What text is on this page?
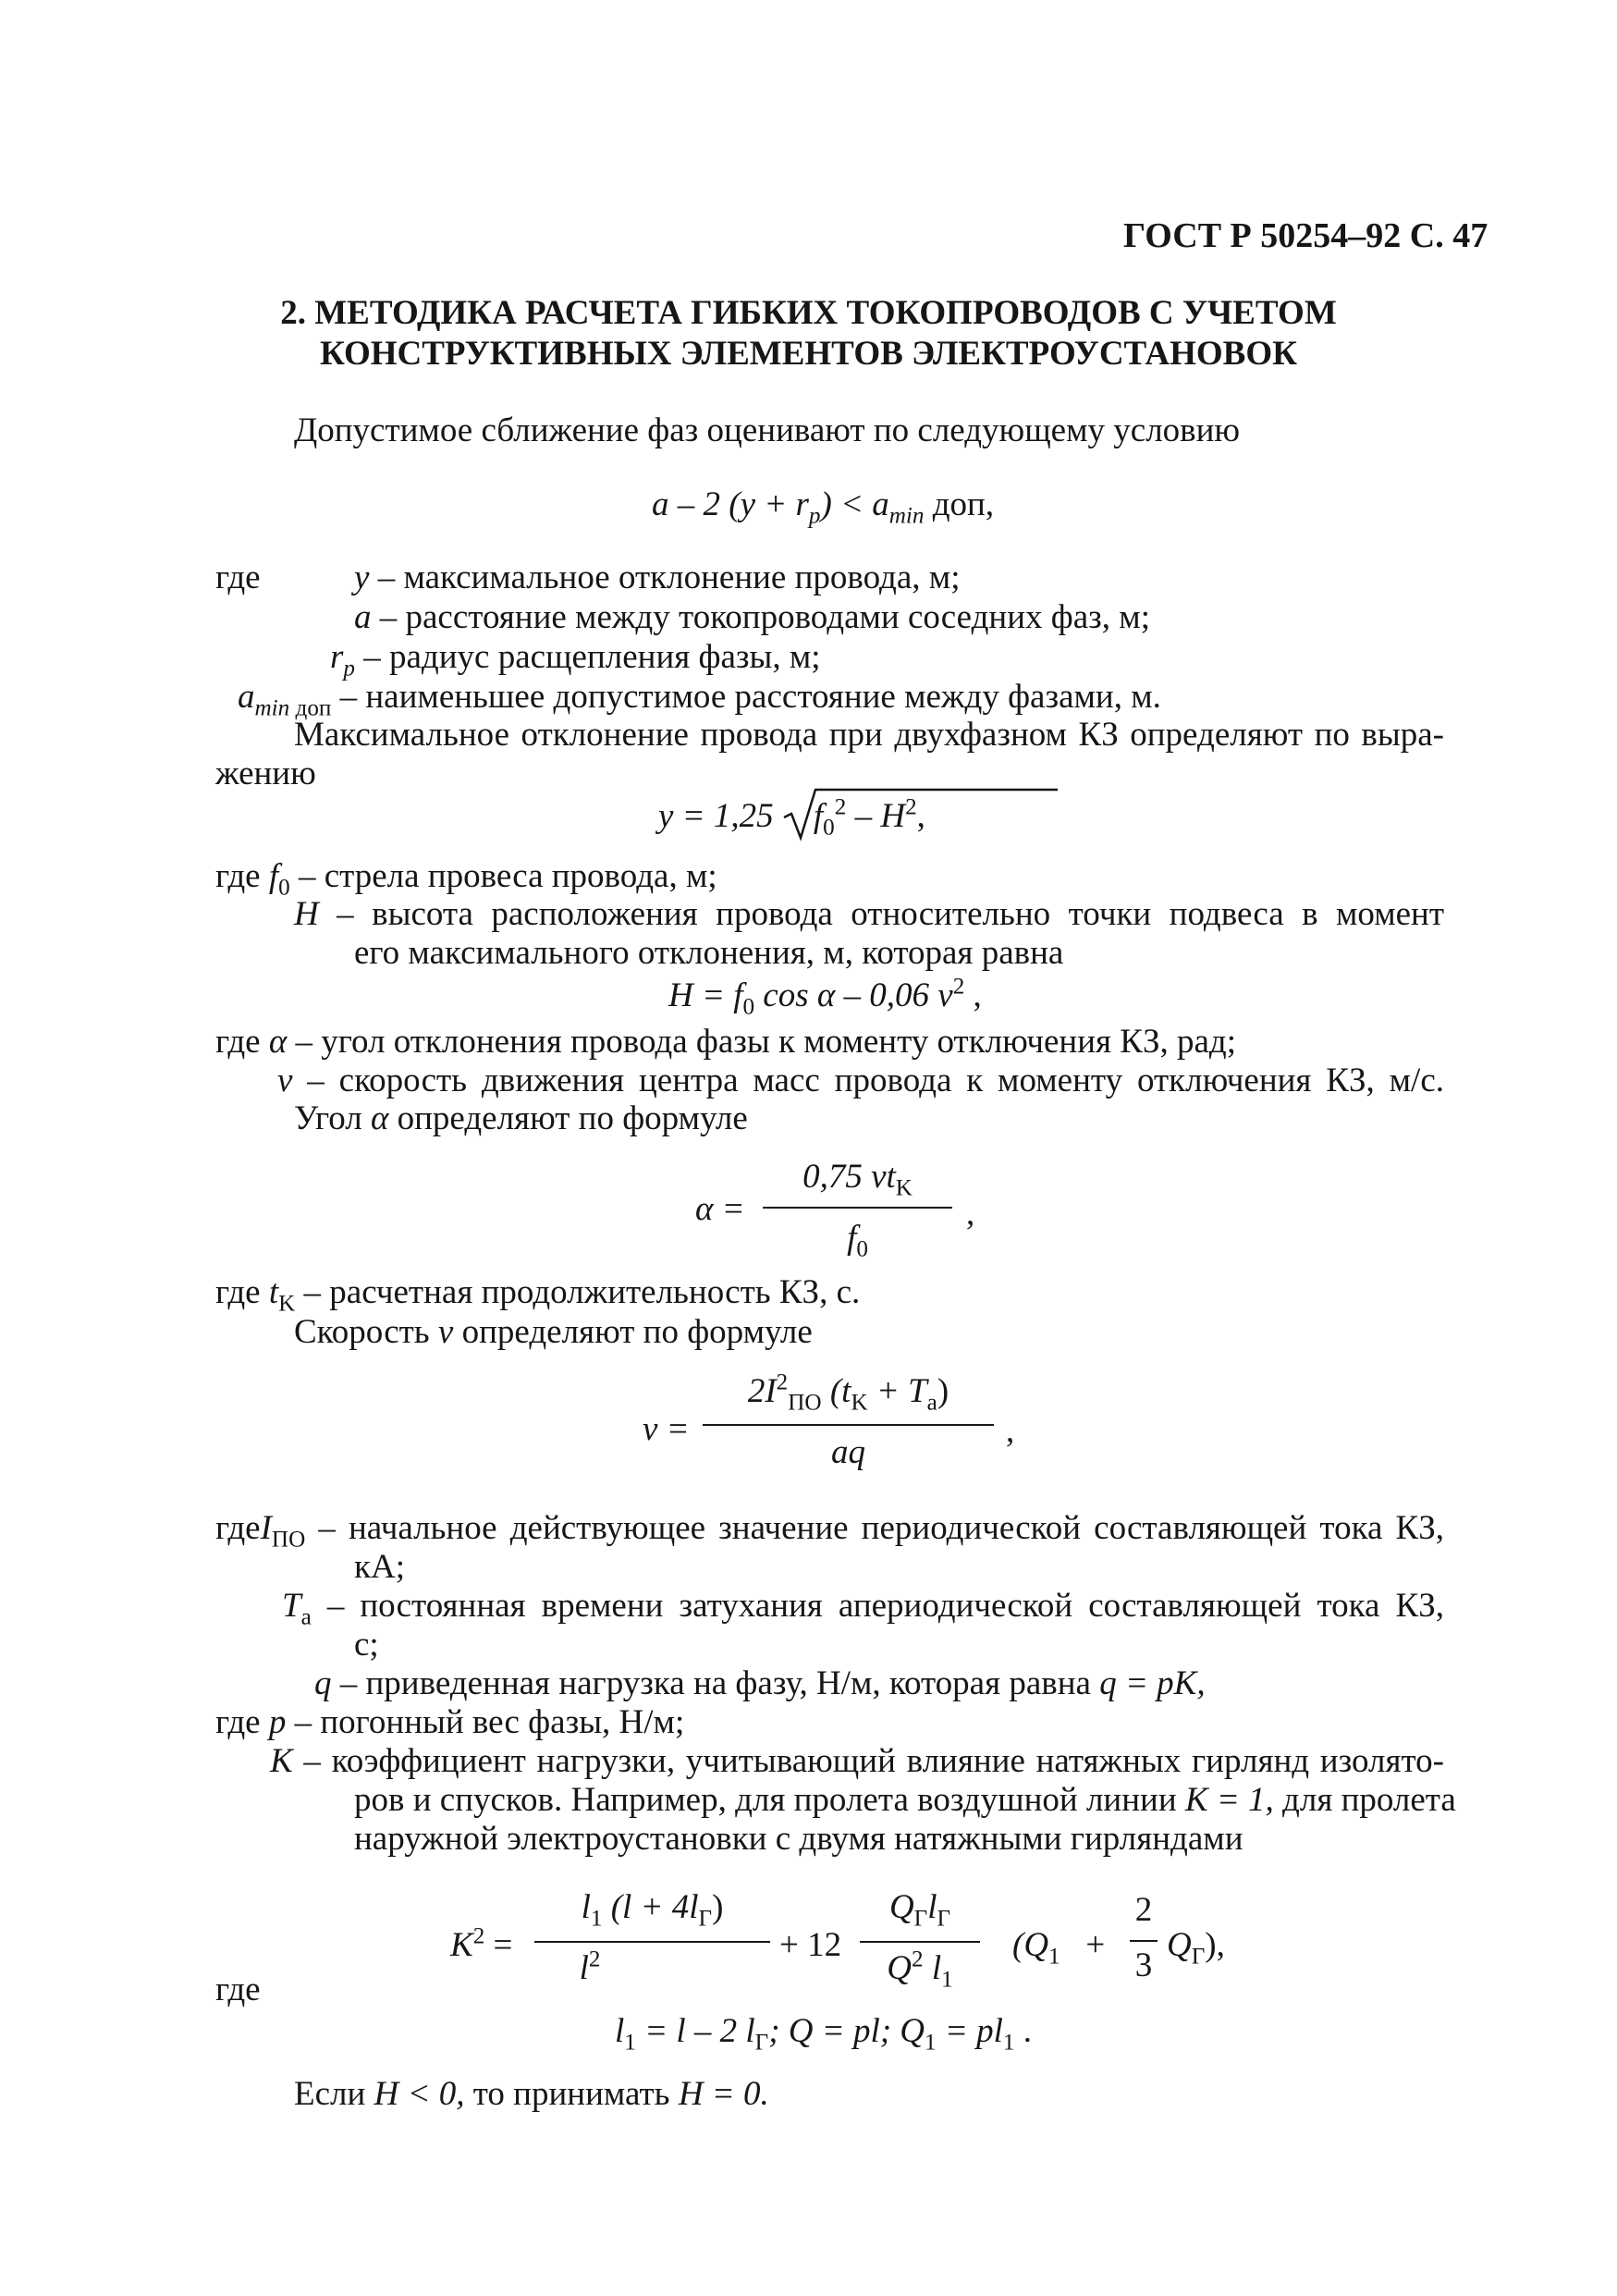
ГОСТ Р 50254–92 С. 47
2. МЕТОДИКА РАСЧЕТА ГИБКИХ ТОКОПРОВОДОВ С УЧЕТОМ
КОНСТРУКТИВНЫХ ЭЛЕМЕНТОВ ЭЛЕКТРОУСТАНОВОК
Допустимое сближение фаз оценивают по следующему условию
a – 2 $(y + r_p) < a_{min}$ доп,
где	y – максимальное отклонение провода, м;
a – расстояние между токопроводами соседних фаз, м;
$r_p$ – радиус расщепления фазы, м;
$a_{min доп}$ – наименьшее допустимое расстояние между фазами, м.
Максимальное отклонение провода при двухфазном КЗ определяют по выра-
жению
y = 1,25 $f_0^2 - H^2$,
где $f_0$ – стрела провеса провода, м;
H – высота расположения провода относительно точки подвеса в момент
его максимального отклонения, м, которая равна
$H = f_0$ cos α – 0,06 $v^2$ ,
где α – угол отклонения провода фазы к моменту отключения КЗ, рад;
v – скорость движения центра масс провода к моменту отключения КЗ, м/с.
Угол α определяют по формуле
α =
0,75 $vt_K$
$f_0$
,
где $t_K$ – расчетная продолжительность КЗ, с.
Скорость v определяют по формуле
v =
$2I^2_{ПО}$ $(t_K + T_a)$
aq
,
гдеI$_{ПО}$ – начальное действующее значение периодической составляющей тока КЗ,
кА;
$T_a$ – постоянная времени затухания апериодической составляющей тока КЗ,
с;
q – приведенная нагрузка на фазу, Н/м, которая равна q = pK,
где p – погонный вес фазы, Н/м;
K – коэффициент нагрузки, учитывающий влияние натяжных гирлянд изолято-
ров и спусков. Например, для пролета воздушной линии K = 1, для пролета
наружной электроустановки с двумя натяжными гирляндами
$K^2$ =
$l_1$ $(l + 4l_Г)$
$l^2$	+ 12
$Q_Гl_Г$
$Q^2$ $l_1$
($Q_1$ +
2
3
$Q_Г$),
где
$l_1 = l - 2$ $l_Г$; Q = pl; $Q_1 = pl_1$ .
Если H < 0, то принимать H = 0.
